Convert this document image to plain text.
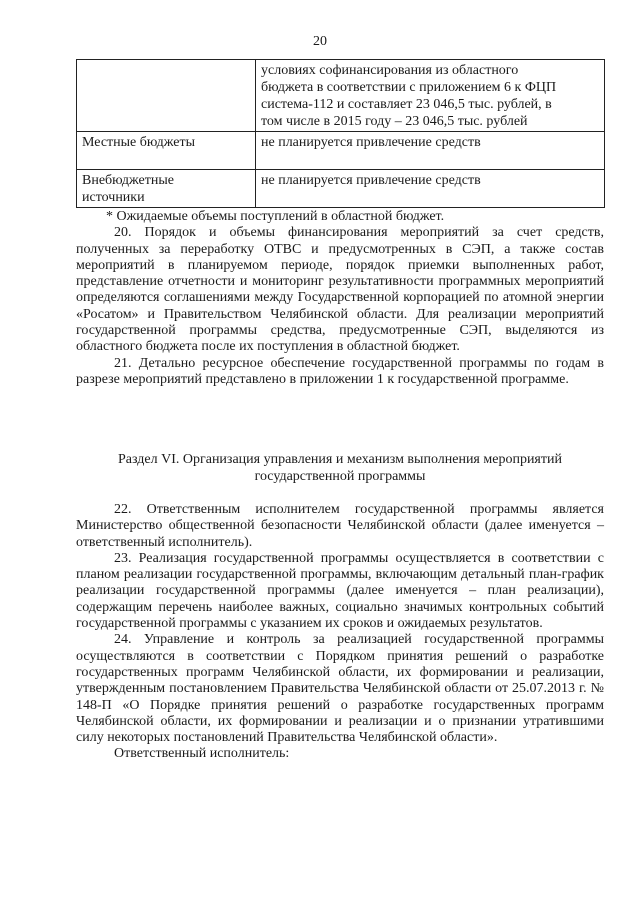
20

	условиях софинансирования из областного
бюджета в соответствии с приложением 6 к ФЦП
система-112 и составляет 23 046,5 тыс. рублей, в
том числе в 2015 году – 23 046,5 тыс. рублей

Местные бюджеты	не планируется привлечение средств

Внебюджетные
источники	не планируется привлечение средств

* Ожидаемые объемы поступлений в областной бюджет.

20. Порядок и объемы финансирования мероприятий за счет средств, полученных за переработку ОТВС и предусмотренных в СЭП, а также состав мероприятий в планируемом периоде, порядок приемки выполненных работ, представление отчетности и мониторинг результативности программных мероприятий определяются соглашениями между Государственной корпорацией по атомной энергии «Росатом» и Правительством Челябинской области. Для реализации мероприятий государственной программы средства, предусмотренные СЭП, выделяются из областного бюджета после их поступления в областной бюджет.

21. Детально ресурсное обеспечение государственной программы по годам в разрезе мероприятий представлено в приложении 1 к государственной программе.

Раздел VI. Организация управления и механизм выполнения мероприятий
государственной программы

22. Ответственным исполнителем государственной программы является Министерство общественной безопасности Челябинской области (далее именуется – ответственный исполнитель).

23. Реализация государственной программы осуществляется в соответствии с планом реализации государственной программы, включающим детальный план-график реализации государственной программы (далее именуется – план реализации), содержащим перечень наиболее важных, социально значимых контрольных событий государственной программы с указанием их сроков и ожидаемых результатов.

24. Управление и контроль за реализацией государственной программы осуществляются в соответствии с Порядком принятия решений о разработке государственных программ Челябинской области, их формировании и реализации, утвержденным постановлением Правительства Челябинской области от 25.07.2013 г. № 148-П «О Порядке принятия решений о разработке государственных программ Челябинской области, их формировании и реализации и о признании утратившими силу некоторых постановлений Правительства Челябинской области».

Ответственный исполнитель:
